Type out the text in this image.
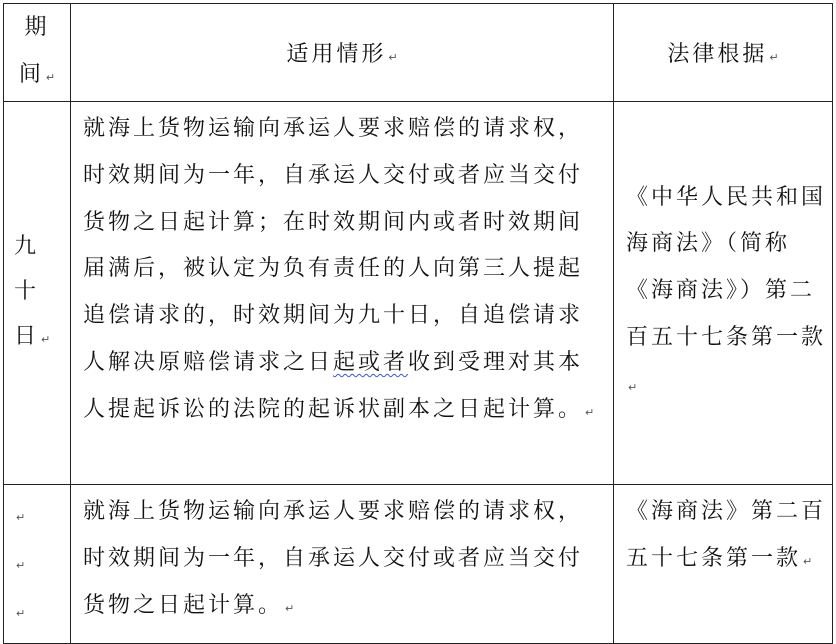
期
间 ↵	适用情形 ↵	法律根据 ↵

九
十
日 ↵	就海上货物运输向承运人要求赔偿的请求权，时效期间为一年，自承运人交付或者应当交付货物之日起计算；在时效期间内或者时效期间届满后，被认定为负有责任的人向第三人提起追偿请求的，时效期间为九十日，自追偿请求人解决原赔偿请求之日起或者收到受理对其本人提起诉讼的法院的起诉状副本之日起计算。 ↵	《中华人民共和国海商法》（简称《海商法》）第二百五十七条第一款↵

↵
↵
↵	就海上货物运输向承运人要求赔偿的请求权，时效期间为一年，自承运人交付或者应当交付货物之日起计算。 ↵	《海商法》第二百五十七条第一款 ↵
